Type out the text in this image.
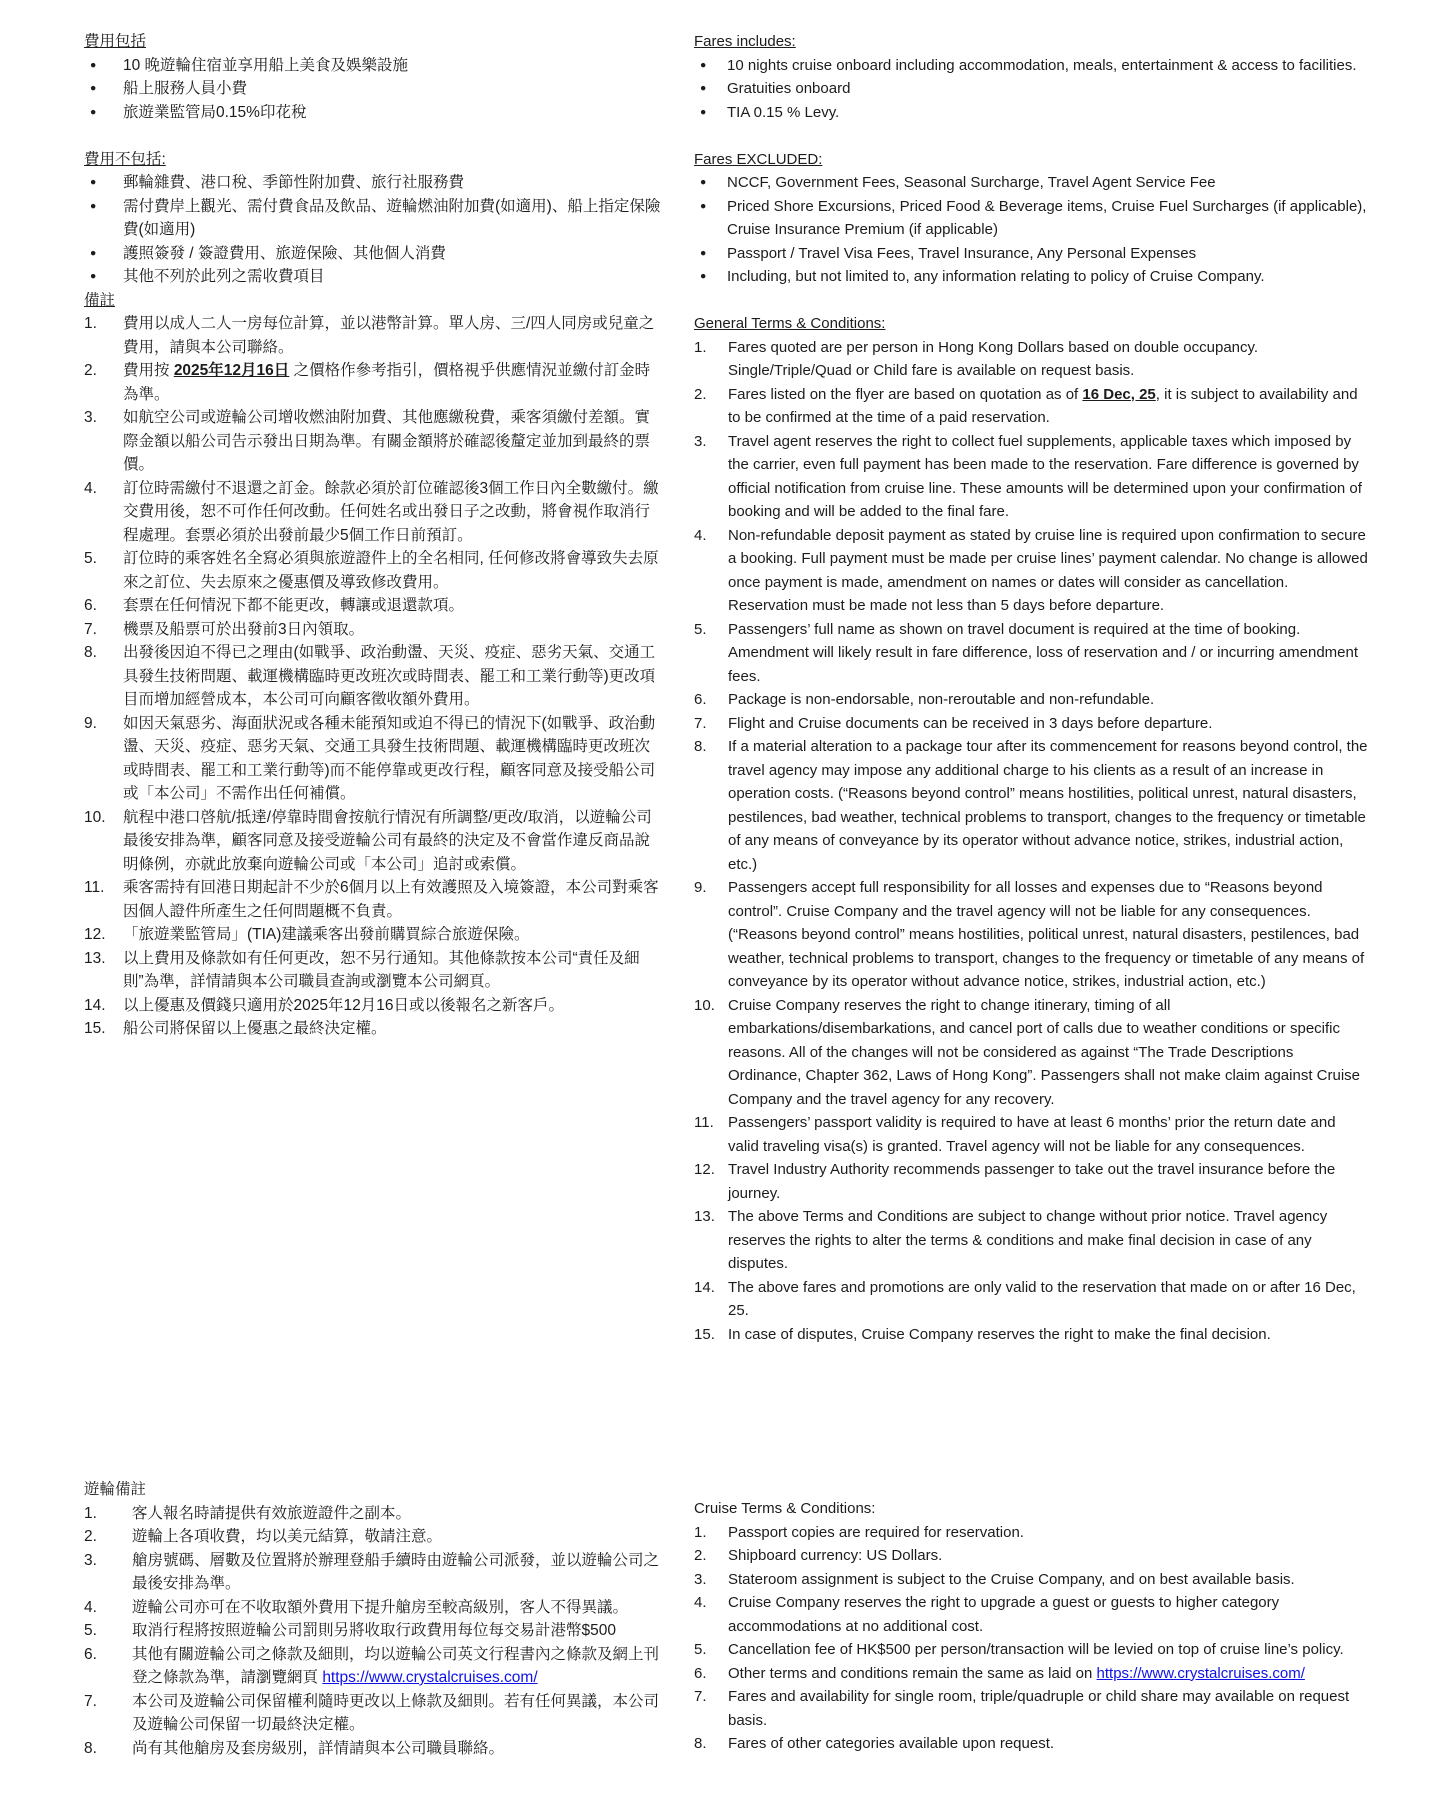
費用包括
● 10 晚遊輪住宿並享用船上美食及娛樂設施
● 船上服務人員小費
● 旅遊業監管局0.15%印花稅
費用不包括:
● 郵輪雜費、港口稅、季節性附加費、旅行社服務費
● 需付費岸上觀光、需付費食品及飲品、遊輪燃油附加費(如適用)、船上指定保險費(如適用)
● 護照簽發 / 簽證費用、旅遊保險、其他個人消費
● 其他不列於此列之需收費項目
備註
費用以成人二人一房每位計算，並以港幣計算。單人房、三/四人同房或兒童之費用，請與本公司聯絡。
費用按 2025年12月16日 之價格作參考指引，價格視乎供應情況並繳付訂金時為準。
如航空公司或遊輪公司增收燃油附加費、其他應繳稅費，乘客須繳付差額。實際金額以船公司告示發出日期為準。有關金額將於確認後釐定並加到最終的票價。
訂位時需繳付不退還之訂金。餘款必須於訂位確認後3個工作日內全數繳付。繳交費用後，恕不可作任何改動。任何姓名或出發日子之改動，將會視作取消行程處理。套票必須於出發前最少5個工作日前預訂。
訂位時的乘客姓名全寫必須與旅遊證件上的全名相同, 任何修改將會導致失去原來之訂位、失去原來之優惠價及導致修改費用。
套票在任何情況下都不能更改，轉讓或退還款項。
機票及船票可於出發前3日內領取。
出發後因迫不得已之理由(如戰爭、政治動盪、天災、疫症、惡劣天氣、交通工具發生技術問題、載運機構臨時更改班次或時間表、罷工和工業行動等)更改項目而增加經營成本，本公司可向顧客徵收額外費用。
如因天氣惡劣、海面狀況或各種未能預知或迫不得已的情況下(如戰爭、政治動盪、天災、疫症、惡劣天氣、交通工具發生技術問題、載運機構臨時更改班次或時間表、罷工和工業行動等)而不能停靠或更改行程，顧客同意及接受船公司或「本公司」不需作出任何補償。
航程中港口啓航/抵達/停靠時間會按航行情況有所調整/更改/取消，以遊輪公司最後安排為準，顧客同意及接受遊輪公司有最終的決定及不會當作違反商品說明條例，亦就此放棄向遊輪公司或「本公司」追討或索償。
乘客需持有回港日期起計不少於6個月以上有效護照及入境簽證，本公司對乘客因個人證件所產生之任何問題概不負責。
「旅遊業監管局」(TIA)建議乘客出發前購買綜合旅遊保險。
以上費用及條款如有任何更改，恕不另行通知。其他條款按本公司“責任及細則”為準，詳情請與本公司職員查詢或瀏覽本公司網頁。
以上優惠及價錢只適用於2025年12月16日或以後報名之新客戶。
船公司將保留以上優惠之最終決定權。
遊輪備註
客人報名時請提供有效旅遊證件之副本。
遊輪上各項收費，均以美元結算，敬請注意。
艙房號碼、層數及位置將於辦理登船手續時由遊輪公司派發，並以遊輪公司之最後安排為準。
遊輪公司亦可在不收取額外費用下提升艙房至較高級別，客人不得異議。
取消行程將按照遊輪公司罰則另將收取行政費用每位每交易計港幣$500
其他有關遊輪公司之條款及細則，均以遊輪公司英文行程書內之條款及網上刊登之條款為準，請瀏覽網頁 https://www.crystalcruises.com/
本公司及遊輪公司保留權利隨時更改以上條款及細則。若有任何異議，本公司及遊輪公司保留一切最終決定權。
尚有其他艙房及套房級別，詳情請與本公司職員聯絡。
Fares includes:
● 10 nights cruise onboard including accommodation, meals, entertainment & access to facilities.
● Gratuities onboard
● TIA 0.15 % Levy.
Fares EXCLUDED:
● NCCF, Government Fees, Seasonal Surcharge, Travel Agent Service Fee
● Priced Shore Excursions, Priced Food & Beverage items, Cruise Fuel Surcharges (if applicable), Cruise Insurance Premium (if applicable)
● Passport / Travel Visa Fees, Travel Insurance, Any Personal Expenses
● Including, but not limited to, any information relating to policy of Cruise Company.
General Terms & Conditions:
Fares quoted are per person in Hong Kong Dollars based on double occupancy. Single/Triple/Quad or Child fare is available on request basis.
Fares listed on the flyer are based on quotation as of 16 Dec, 25, it is subject to availability and to be confirmed at the time of a paid reservation.
Travel agent reserves the right to collect fuel supplements, applicable taxes which imposed by the carrier, even full payment has been made to the reservation. Fare difference is governed by official notification from cruise line. These amounts will be determined upon your confirmation of booking and will be added to the final fare.
Non-refundable deposit payment as stated by cruise line is required upon confirmation to secure a booking. Full payment must be made per cruise lines’ payment calendar. No change is allowed once payment is made, amendment on names or dates will consider as cancellation. Reservation must be made not less than 5 days before departure.
Passengers’ full name as shown on travel document is required at the time of booking. Amendment will likely result in fare difference, loss of reservation and / or incurring amendment fees.
Package is non-endorsable, non-reroutable and non-refundable.
Flight and Cruise documents can be received in 3 days before departure.
If a material alteration to a package tour after its commencement for reasons beyond control, the travel agency may impose any additional charge to his clients as a result of an increase in operation costs. (“Reasons beyond control” means hostilities, political unrest, natural disasters, pestilences, bad weather, technical problems to transport, changes to the frequency or timetable of any means of conveyance by its operator without advance notice, strikes, industrial action, etc.)
Passengers accept full responsibility for all losses and expenses due to “Reasons beyond control”. Cruise Company and the travel agency will not be liable for any consequences. (“Reasons beyond control” means hostilities, political unrest, natural disasters, pestilences, bad weather, technical problems to transport, changes to the frequency or timetable of any means of conveyance by its operator without advance notice, strikes, industrial action, etc.)
Cruise Company reserves the right to change itinerary, timing of all embarkations/disembarkations, and cancel port of calls due to weather conditions or specific reasons. All of the changes will not be considered as against “The Trade Descriptions Ordinance, Chapter 362, Laws of Hong Kong”. Passengers shall not make claim against Cruise Company and the travel agency for any recovery.
Passengers’ passport validity is required to have at least 6 months’ prior the return date and valid traveling visa(s) is granted. Travel agency will not be liable for any consequences.
Travel Industry Authority recommends passenger to take out the travel insurance before the journey.
The above Terms and Conditions are subject to change without prior notice. Travel agency reserves the rights to alter the terms & conditions and make final decision in case of any disputes.
The above fares and promotions are only valid to the reservation that made on or after 16 Dec, 25.
In case of disputes, Cruise Company reserves the right to make the final decision.
Cruise Terms & Conditions:
Passport copies are required for reservation.
Shipboard currency: US Dollars.
Stateroom assignment is subject to the Cruise Company, and on best available basis.
Cruise Company reserves the right to upgrade a guest or guests to higher category accommodations at no additional cost.
Cancellation fee of HK$500 per person/transaction will be levied on top of cruise line’s policy.
Other terms and conditions remain the same as laid on https://www.crystalcruises.com/
Fares and availability for single room, triple/quadruple or child share may available on request basis.
Fares of other categories available upon request.
